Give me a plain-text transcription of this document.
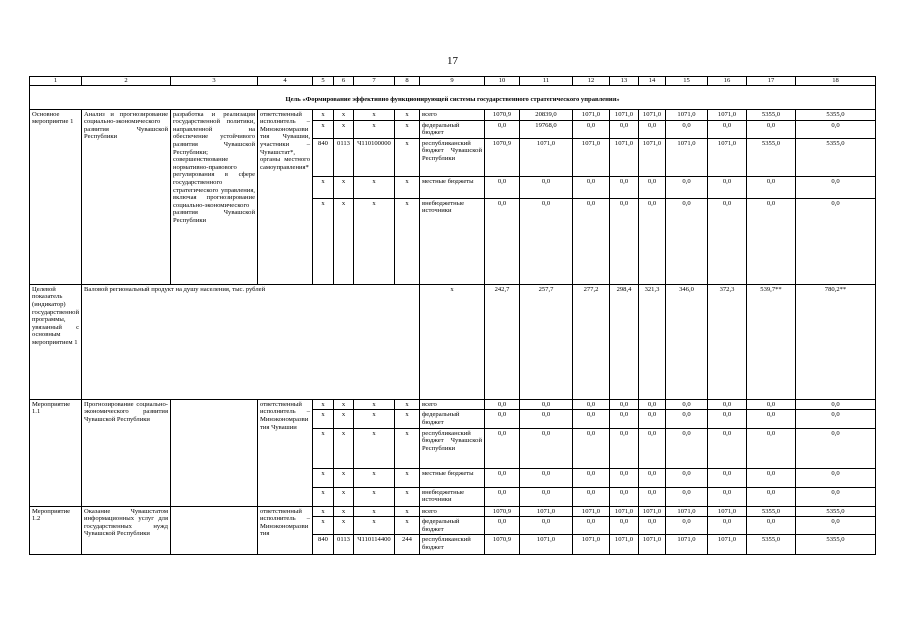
17
1	2	3	4	5	6	7	8	9	10	11	12	13	14	15	16	17	18
Цель «Формирование эффективно функционирующей системы государственного стратегического управления»																	
Основное мероприятие 1	Анализ и прогнозирование социально-экономического развития Чувашской Республики	разработка и реализация государственной политики, направленной на обеспечение устойчивого развития Чувашской Республики; совершенствование нормативно-правового регулирования в сфере государственного стратегического управления, включая прогнозирование социально-экономического развития Чувашской Республики	ответственный исполнитель – Минэкономразвития Чувашии, участники – Чувашстат*, органы местного самоуправления*	x	x	x	x	всего	1070,9	20839,0	1071,0	1071,0	1071,0	1071,0	1071,0	5355,0	5355,0
				x	x	x	x	федеральный бюджет	0,0	19768,0	0,0	0,0	0,0	0,0	0,0	0,0	0,0
				840	0113	Ч110100000	x	республиканский бюджет Чувашской Республики	1070,9	1071,0	1071,0	1071,0	1071,0	1071,0	1071,0	5355,0	5355,0
				x	x	x	x	местные бюджеты	0,0	0,0	0,0	0,0	0,0	0,0	0,0	0,0	0,0
				x	x	x	x	внебюджетные источники	0,0	0,0	0,0	0,0	0,0	0,0	0,0	0,0	0,0
Целевой показатель (индикатор) государственной программы, увязанный с основным мероприятием 1	Валовой региональный продукт на душу населения, тыс. рублей							x	242,7	257,7	277,2	298,4	321,3	346,0	372,3	539,7**	780,2**
Мероприятие 1.1	Прогнозирование социально-экономического развития Чувашской Республики		ответственный исполнитель – Минэкономразвития Чувашии	x	x	x	x	всего	0,0	0,0	0,0	0,0	0,0	0,0	0,0	0,0	0,0
				x	x	x	x	федеральный бюджет	0,0	0,0	0,0	0,0	0,0	0,0	0,0	0,0	0,0
				x	x	x	x	республиканский бюджет Чувашской Республики	0,0	0,0	0,0	0,0	0,0	0,0	0,0	0,0	0,0
				x	x	x	x	местные бюджеты	0,0	0,0	0,0	0,0	0,0	0,0	0,0	0,0	0,0
				x	x	x	x	внебюджетные источники	0,0	0,0	0,0	0,0	0,0	0,0	0,0	0,0	0,0
Мероприятие 1.2	Оказание Чувашстатом информационных услуг для государственных нужд Чувашской Республики		ответственный исполнитель – Минэкономразвития	x	x	x	x	всего	1070,9	1071,0	1071,0	1071,0	1071,0	1071,0	1071,0	5355,0	5355,0
				x	x	x	x	федеральный бюджет	0,0	0,0	0,0	0,0	0,0	0,0	0,0	0,0	0,0
				840	0113	Ч110114400	244	республиканский бюджет	1070,9	1071,0	1071,0	1071,0	1071,0	1071,0	1071,0	5355,0	5355,0
